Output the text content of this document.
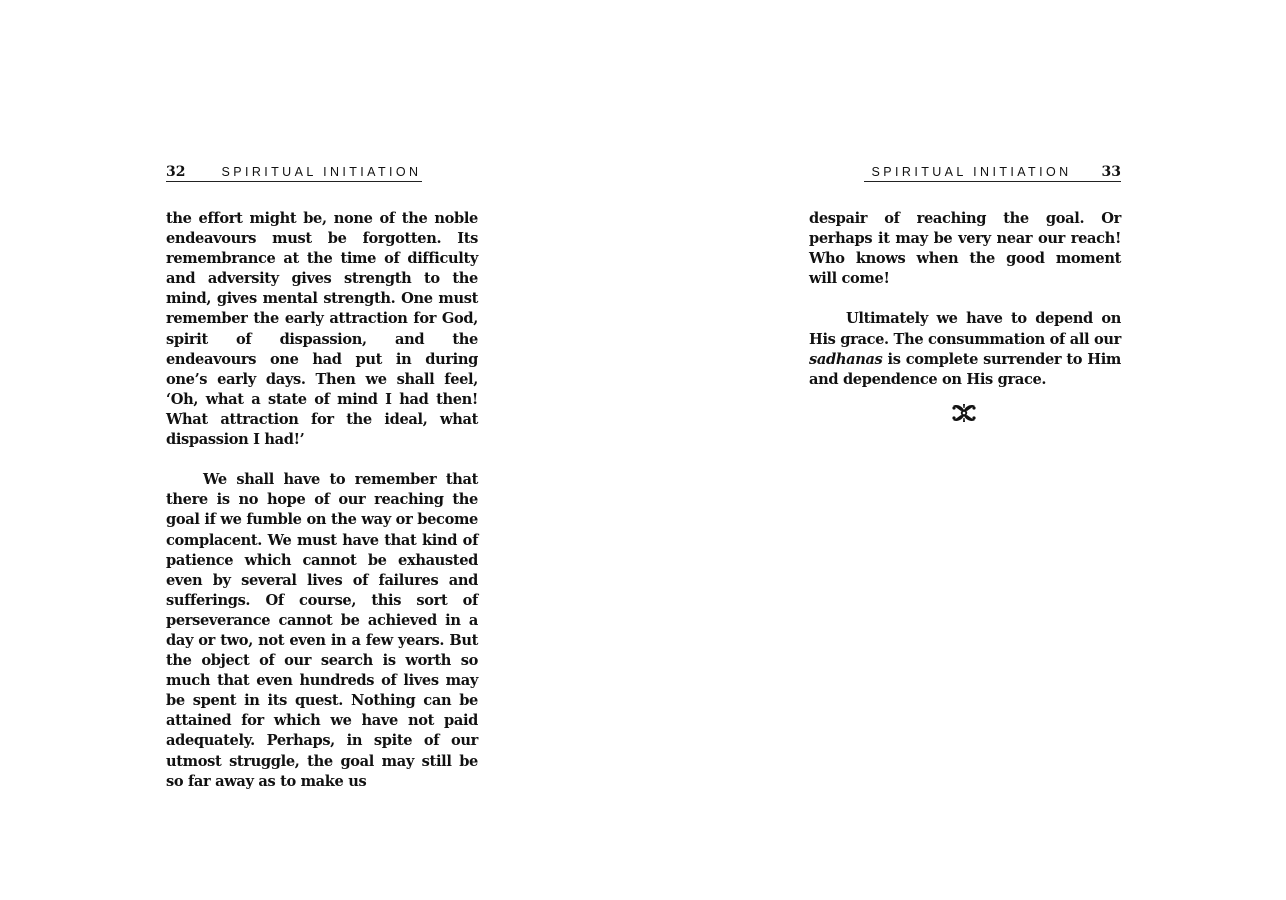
32	SPIRITUAL INITIATION

the effort might be, none of the noble endeavours must be forgotten. Its remembrance at the time of difficulty and adversity gives strength to the mind, gives mental strength. One must remember the early attraction for God, spirit of dispassion, and the endeavours one had put in during one’s early days. Then we shall feel, ‘Oh, what a state of mind I had then! What attraction for the ideal, what dispassion I had!’

We shall have to remember that there is no hope of our reaching the goal if we fumble on the way or become complacent. We must have that kind of patience which cannot be exhausted even by several lives of failures and sufferings. Of course, this sort of perseverance cannot be achieved in a day or two, not even in a few years. But the object of our search is worth so much that even hundreds of lives may be spent in its quest. Nothing can be attained for which we have not paid adequately. Perhaps, in spite of our utmost struggle, the goal may still be so far away as to make us

SPIRITUAL INITIATION 33

despair of reaching the goal. Or perhaps it may be very near our reach! Who knows when the good moment will come!

Ultimately we have to depend on His grace. The consummation of all our sadhanas is complete surrender to Him and dependence on His grace.
